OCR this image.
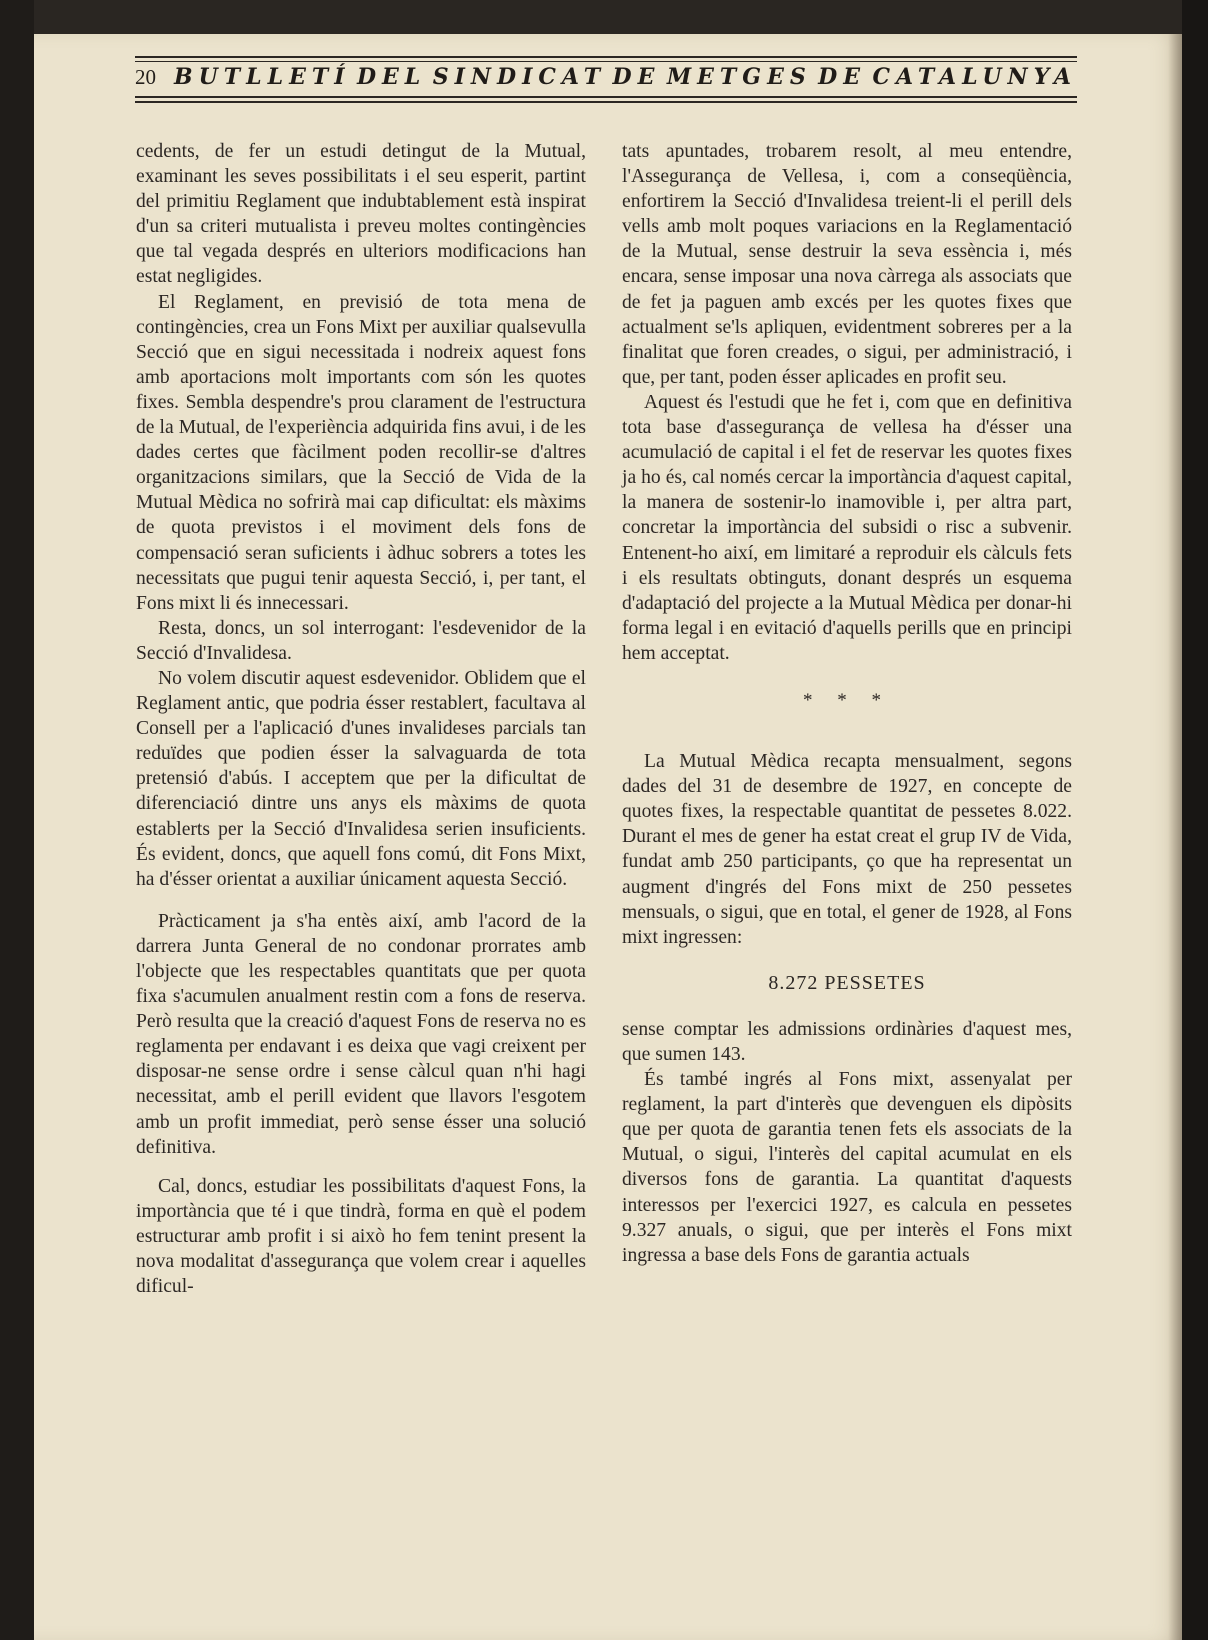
20 BUTLLETÍ DEL SINDICAT DE METGES DE CATALUNYA

cedents, de fer un estudi detingut de la Mutual, examinant les seves possibilitats i el seu esperit, partint del primitiu Reglament que indubtablement està inspirat d'un sa criteri mutualista i preveu moltes contingències que tal vegada després en ulteriors modificacions han estat negligides.

El Reglament, en previsió de tota mena de contingències, crea un Fons Mixt per auxiliar qualsevulla Secció que en sigui necessitada i nodreix aquest fons amb aportacions molt importants com són les quotes fixes. Sembla despendre's prou clarament de l'estructura de la Mutual, de l'experiència adquirida fins avui, i de les dades certes que fàcilment poden recollir-se d'altres organitzacions similars, que la Secció de Vida de la Mutual Mèdica no sofrirà mai cap dificultat: els màxims de quota previstos i el moviment dels fons de compensació seran suficients i àdhuc sobrers a totes les necessitats que pugui tenir aquesta Secció, i, per tant, el Fons mixt li és innecessari.

Resta, doncs, un sol interrogant: l'esdevenidor de la Secció d'Invalidesa.

No volem discutir aquest esdevenidor. Oblidem que el Reglament antic, que podria ésser restablert, facultava al Consell per a l'aplicació d'unes invalideses parcials tan reduïdes que podien ésser la salvaguarda de tota pretensió d'abús. I acceptem que per la dificultat de diferenciació dintre uns anys els màxims de quota establerts per la Secció d'Invalidesa serien insuficients. És evident, doncs, que aquell fons comú, dit Fons Mixt, ha d'ésser orientat a auxiliar únicament aquesta Secció.

Pràcticament ja s'ha entès així, amb l'acord de la darrera Junta General de no condonar prorrates amb l'objecte que les respectables quantitats que per quota fixa s'acumulen anualment restin com a fons de reserva. Però resulta que la creació d'aquest Fons de reserva no es reglamenta per endavant i es deixa que vagi creixent per disposar-ne sense ordre i sense càlcul quan n'hi hagi necessitat, amb el perill evident que llavors l'esgotem amb un profit immediat, però sense ésser una solució definitiva.

Cal, doncs, estudiar les possibilitats d'aquest Fons, la importància que té i que tindrà, forma en què el podem estructurar amb profit i si això ho fem tenint present la nova modalitat d'assegurança que volem crear i aquelles dificul-

tats apuntades, trobarem resolt, al meu entendre, l'Assegurança de Vellesa, i, com a conseqüència, enfortirem la Secció d'Invalidesa treient-li el perill dels vells amb molt poques variacions en la Reglamentació de la Mutual, sense destruir la seva essència i, més encara, sense imposar una nova càrrega als associats que de fet ja paguen amb excés per les quotes fixes que actualment se'ls apliquen, evidentment sobreres per a la finalitat que foren creades, o sigui, per administració, i que, per tant, poden ésser aplicades en profit seu.

Aquest és l'estudi que he fet i, com que en definitiva tota base d'assegurança de vellesa ha d'ésser una acumulació de capital i el fet de reservar les quotes fixes ja ho és, cal només cercar la importància d'aquest capital, la manera de sostenir-lo inamovible i, per altra part, concretar la importància del subsidi o risc a subvenir. Entenent-ho així, em limitaré a reproduir els càlculs fets i els resultats obtinguts, donant després un esquema d'adaptació del projecte a la Mutual Mèdica per donar-hi forma legal i en evitació d'aquells perills que en principi hem acceptat.

* * *

La Mutual Mèdica recapta mensualment, segons dades del 31 de desembre de 1927, en concepte de quotes fixes, la respectable quantitat de pessetes 8.022. Durant el mes de gener ha estat creat el grup IV de Vida, fundat amb 250 participants, ço que ha representat un augment d'ingrés del Fons mixt de 250 pessetes mensuals, o sigui, que en total, el gener de 1928, al Fons mixt ingressen:

8.272 PESSETES

sense comptar les admissions ordinàries d'aquest mes, que sumen 143.

És també ingrés al Fons mixt, assenyalat per reglament, la part d'interès que devenguen els dipòsits que per quota de garantia tenen fets els associats de la Mutual, o sigui, l'interès del capital acumulat en els diversos fons de garantia. La quantitat d'aquests interessos per l'exercici 1927, es calcula en pessetes 9.327 anuals, o sigui, que per interès el Fons mixt ingressa a base dels Fons de garantia actuals
